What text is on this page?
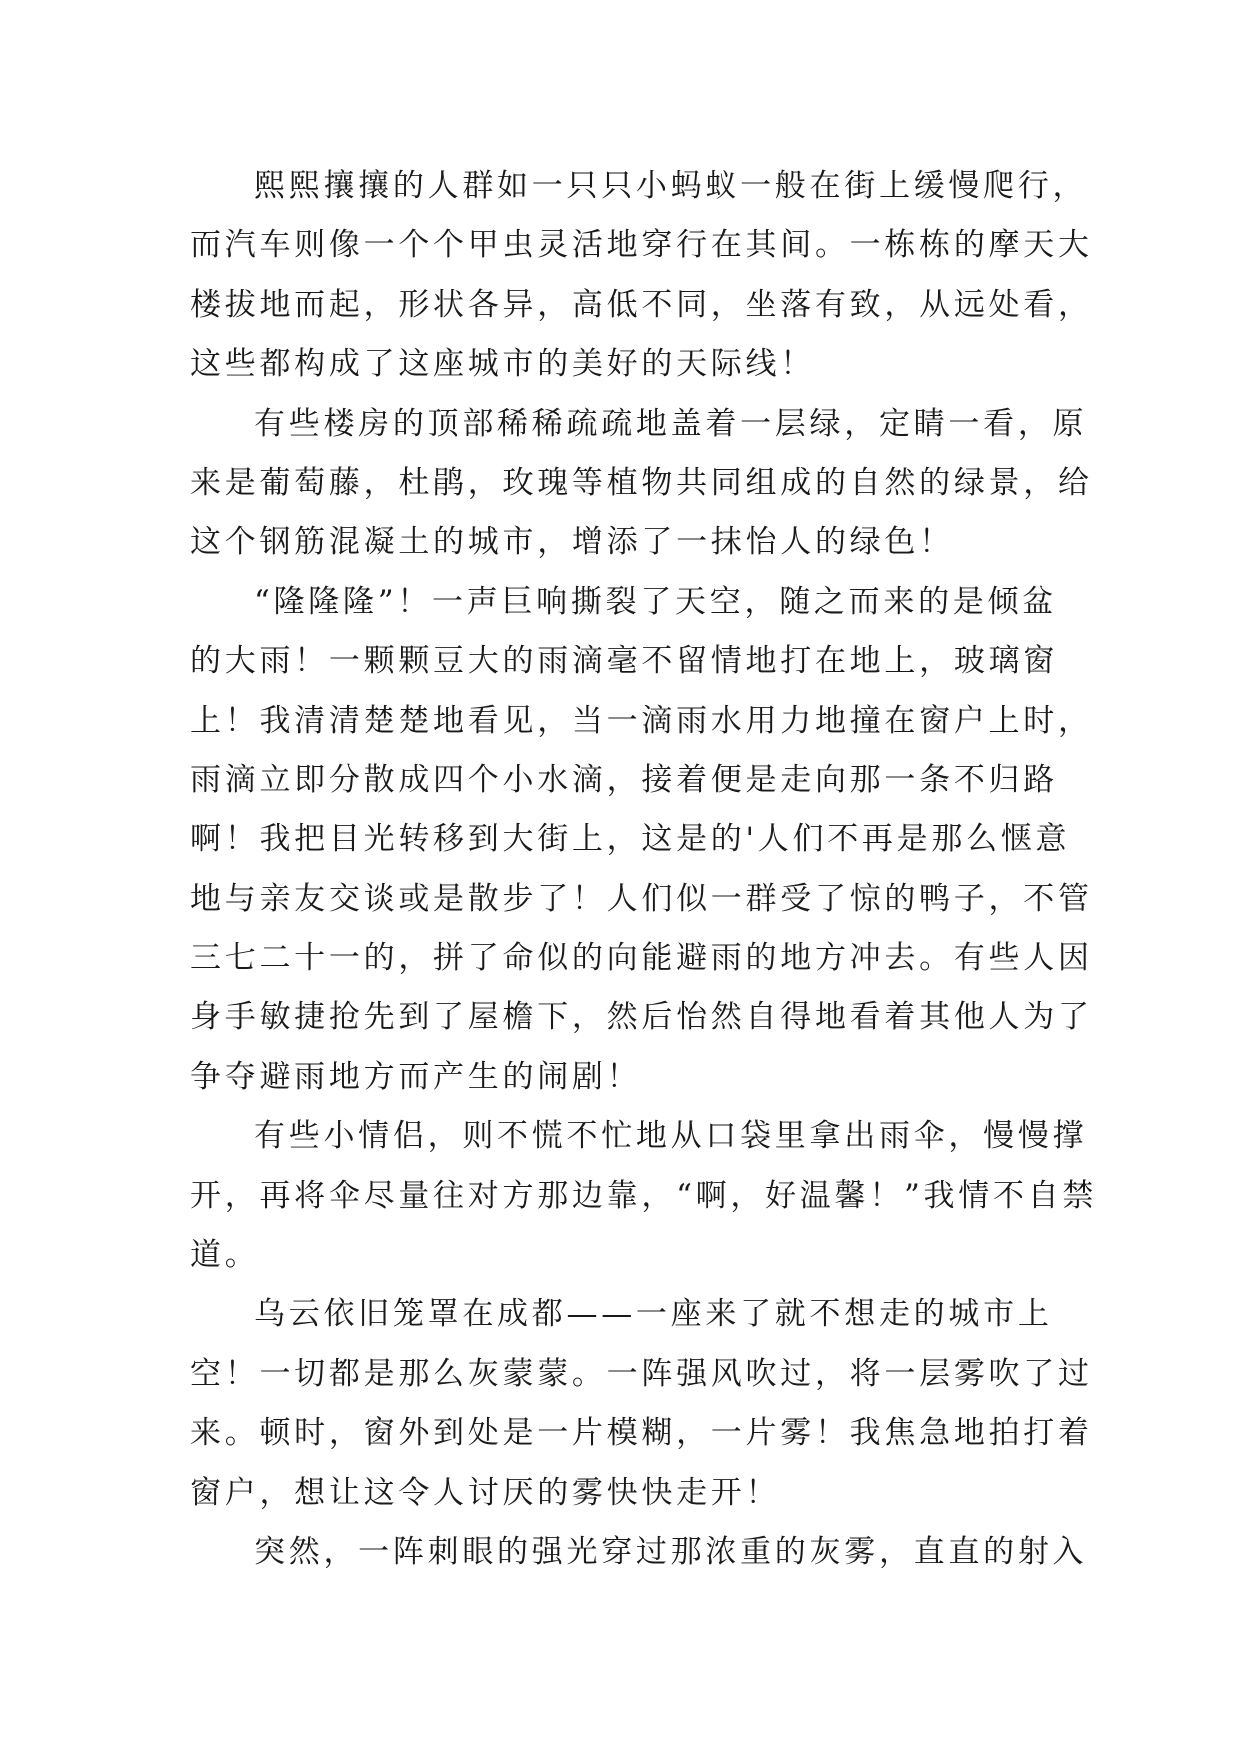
熙熙攘攘的人群如一只只小蚂蚁一般在街上缓慢爬行，
而汽车则像一个个甲虫灵活地穿行在其间。一栋栋的摩天大
楼拔地而起，形状各异，高低不同，坐落有致，从远处看，
这些都构成了这座城市的美好的天际线！
有些楼房的顶部稀稀疏疏地盖着一层绿，定睛一看，原
来是葡萄藤，杜鹃，玫瑰等植物共同组成的自然的绿景，给
这个钢筋混凝土的城市，增添了一抹怡人的绿色！
“隆隆隆”！一声巨响撕裂了天空，随之而来的是倾盆
的大雨！一颗颗豆大的雨滴毫不留情地打在地上，玻璃窗
上！我清清楚楚地看见，当一滴雨水用力地撞在窗户上时，
雨滴立即分散成四个小水滴，接着便是走向那一条不归路
啊！我把目光转移到大街上，这是的'人们不再是那么惬意
地与亲友交谈或是散步了！人们似一群受了惊的鸭子，不管
三七二十一的，拼了命似的向能避雨的地方冲去。有些人因
身手敏捷抢先到了屋檐下，然后怡然自得地看着其他人为了
争夺避雨地方而产生的闹剧！
有些小情侣，则不慌不忙地从口袋里拿出雨伞，慢慢撑
开，再将伞尽量往对方那边靠，“啊，好温馨！”我情不自禁
道。
乌云依旧笼罩在成都——一座来了就不想走的城市上
空！一切都是那么灰蒙蒙。一阵强风吹过，将一层雾吹了过
来。顿时，窗外到处是一片模糊，一片雾！我焦急地拍打着
窗户，想让这令人讨厌的雾快快走开！
突然，一阵刺眼的强光穿过那浓重的灰雾，直直的射入
